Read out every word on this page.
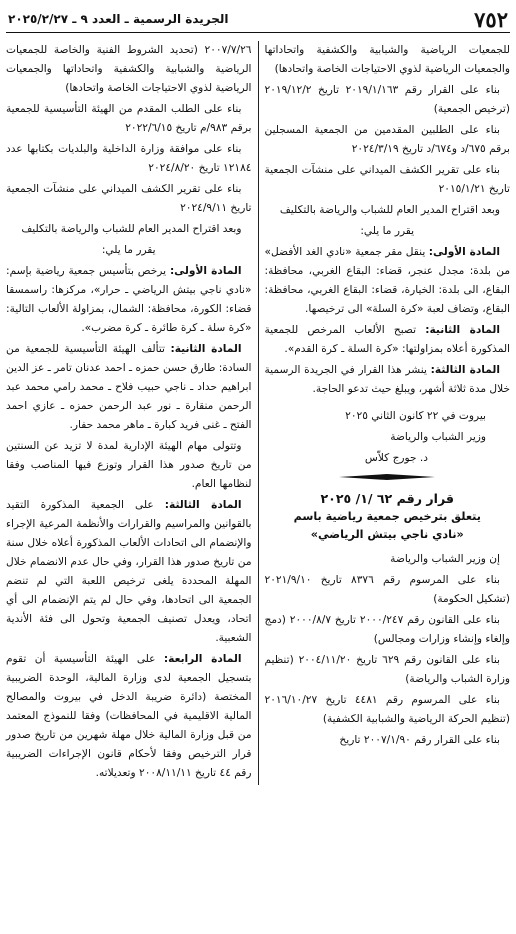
٧٥٢
الجريدة الرسمية ـ العدد ٩ ـ ٢٠٢٥/٢/٢٧

للجمعيات الرياضية والشبابية والكشفية واتحاداتها والجمعيات الرياضية لذوي الاحتياجات الخاصة واتحادها)

بناء على القرار رقم ٢٠١٩/١/١٦٣ تاريخ ٢٠١٩/١٢/٢ (ترخيص الجمعية)

بناء على الطلبين المقدمين من الجمعية المسجلين برقم ٦٧٥/د و٦٧٤/د تاريخ ٢٠٢٤/٣/١٩

بناء على تقرير الكشف الميداني على منشآت الجمعية تاريخ ٢٠١٥/١/٢١

وبعد اقتراح المدير العام للشباب والرياضة بالتكليف

يقرر ما يلي:

المادة الأولى: ينقل مقر جمعية «نادي الغد الأفضل» من بلدة: مجدل عنجر، قضاء: البقاع الغربي، محافظة: البقاع، الى بلدة: الخيارة، قضاء: البقاع الغربي، محافظة: البقاع، وتضاف لعبة «كرة السلة» الى ترخيصها.

المادة الثانية: تصبح الألعاب المرخص للجمعية المذكورة أعلاه بمزاولتها: «كرة السلة ـ كرة القدم».

المادة الثالثة: ينشر هذا القرار في الجريدة الرسمية خلال مدة ثلاثة أشهر، ويبلغ حيث تدعو الحاجة.

بيروت في ٢٢ كانون الثاني ٢٠٢٥

وزير الشباب والرياضة

د. جورج كلاّس

قرار رقم ٦٢ /١/ ٢٠٢٥

يتعلق بترخيص جمعية رياضية باسم

«نادي ناجي بيتش الرياضي»

إن وزير الشباب والرياضة

بناء على المرسوم رقم ٨٣٧٦ تاريخ ٢٠٢١/٩/١٠ (تشكيل الحكومة)

بناء على القانون رقم ٢٠٠٠/٢٤٧ تاريخ ٢٠٠٠/٨/٧ (دمج وإلغاء وإنشاء وزارات ومجالس)

بناء على القانون رقم ٦٢٩ تاريخ ٢٠٠٤/١١/٢٠ (تنظيم وزارة الشباب والرياضة)

بناء على المرسوم رقم ٤٤٨١ تاريخ ٢٠١٦/١٠/٢٧ (تنظيم الحركة الرياضية والشبابية الكشفية)

بناء على القرار رقم ٢٠٠٧/١/٩٠ تاريخ

٢٠٠٧/٧/٢٦ (تحديد الشروط الفنية والخاصة للجمعيات الرياضية والشبابية والكشفية واتحاداتها والجمعيات الرياضية لذوي الاحتياجات الخاصة واتحادها)

بناء على الطلب المقدم من الهيئة التأسيسية للجمعية برقم ٩٨٣/م تاريخ ٢٠٢٢/٦/١٥

بناء على موافقة وزارة الداخلية والبلديات بكتابها عدد ١٢١٨٤ تاريخ ٢٠٢٤/٨/٢٠

بناء على تقرير الكشف الميداني على منشآت الجمعية تاريخ ٢٠٢٤/٩/١١

وبعد اقتراح المدير العام للشباب والرياضة بالتكليف

يقرر ما يلي:

المادة الأولى: يرخص بتأسيس جمعية رياضية بإسم: «نادي ناجي بيتش الرياضي ـ حرار»، مركزها: راسمسقا قضاء: الكورة، محافظة: الشمال، بمزاولة الألعاب التالية: «كرة سلة ـ كرة طائرة ـ كرة مضرب».

المادة الثانية: تتألف الهيئة التأسيسية للجمعية من السادة: طارق حسن حمزه ـ احمد عدنان تامر ـ عز الدين ابراهيم حداد ـ ناجي حبيب فلاح ـ محمد رامي محمد عبد الرحمن منقارة ـ نور عبد الرحمن حمزه ـ عازي احمد الفتح ـ غنى فريد كبارة ـ ماهر محمد حفار.

وتتولى مهام الهيئة الإدارية لمدة لا تزيد عن السنتين من تاريخ صدور هذا القرار وتوزع فيها المناصب وفقا لنظامها العام.

المادة الثالثة: على الجمعية المذكورة التقيد بالقوانين والمراسيم والقرارات والأنظمة المرعية الإجراء والإنضمام الى اتحادات الألعاب المذكورة أعلاه خلال سنة من تاريخ صدور هذا القرار، وفي حال عدم الانضمام خلال المهلة المحددة يلغى ترخيص اللعبة التي لم تنضم الجمعية الى اتحادها، وفي حال لم يتم الإنضمام الى أي اتحاد، ويعدل تصنيف الجمعية وتحول الى فئة الأندية الشعبية.

المادة الرابعة: على الهيئة التأسيسية أن تقوم بتسجيل الجمعية لدى وزارة المالية، الوحدة الضريبية المختصة (دائرة ضريبة الدخل في بيروت والمصالح المالية الاقليمية في المحافظات) وفقا للنموذج المعتمد من قبل وزارة المالية خلال مهلة شهرين من تاريخ صدور قرار الترخيص وفقا لأحكام قانون الإجراءات الضريبية رقم ٤٤ تاريخ ٢٠٠٨/١١/١١ وتعديلاته.
